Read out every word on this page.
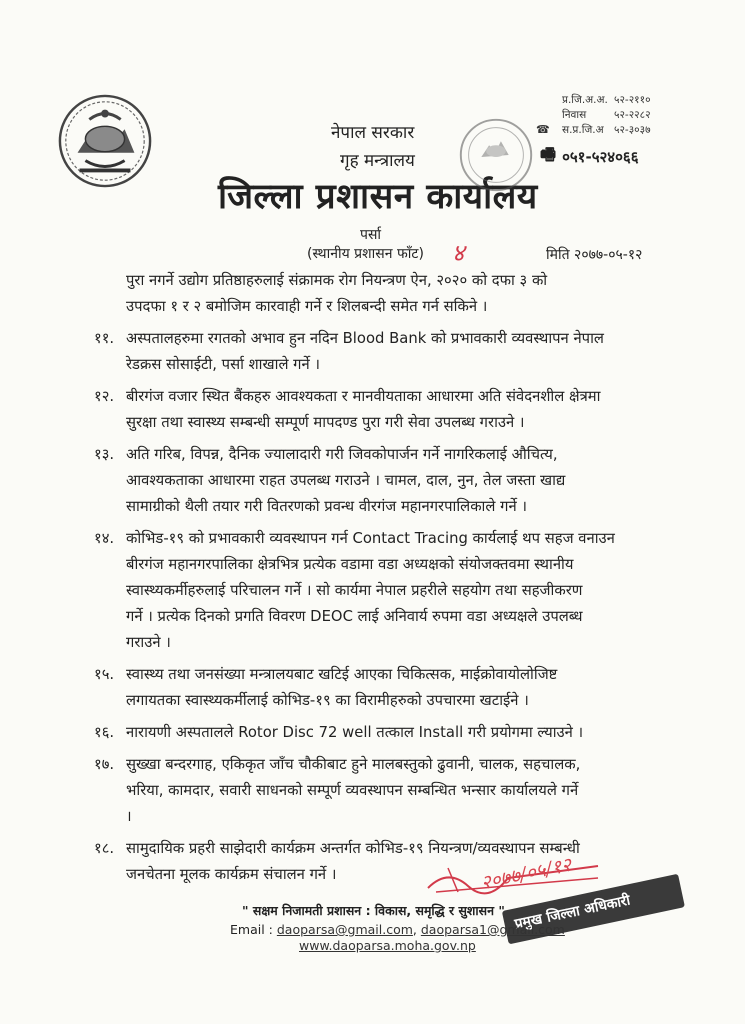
नेपाल सरकार
गृह मन्त्रालय
जिल्ला प्रशासन कार्यालय
प्र.जि.अ.अ. ५२-२११०
निवास	५२-२२८२
☎	स.प्र.जि.अ ५२-३०३७
🖷 ०५१-५२४०६६
पर्सा
(स्थानीय प्रशासन फाँट) ४	मिति २०७७-०५-१२
पुरा नगर्ने उद्योग प्रतिष्ठाहरुलाई संक्रामक रोग नियन्त्रण ऐन, २०२० को दफा ३ को
उपदफा १ र २ बमोजिम कारवाही गर्ने र शिलबन्दी समेत गर्न सकिने ।
११. अस्पतालहरुमा रगतको अभाव हुन नदिन Blood Bank को प्रभावकारी व्यवस्थापन नेपाल
रेडक्रस सोसाईटी, पर्सा शाखाले गर्ने ।
१२. बीरगंज वजार स्थित बैंकहरु आवश्यकता र मानवीयताका आधारमा अति संवेदनशील क्षेत्रमा
सुरक्षा तथा स्वास्थ्य सम्बन्धी सम्पूर्ण मापदण्ड पुरा गरी सेवा उपलब्ध गराउने ।
१३. अति गरिब, विपन्न, दैनिक ज्यालादारी गरी जिवकोपार्जन गर्ने नागरिकलाई औचित्य,
आवश्यकताका आधारमा राहत उपलब्ध गराउने । चामल, दाल, नुन, तेल जस्ता खाद्य
सामाग्रीको थैली तयार गरी वितरणको प्रवन्ध वीरगंज महानगरपालिकाले गर्ने ।
१४. कोभिड-१९ को प्रभावकारी व्यवस्थापन गर्न Contact Tracing कार्यलाई थप सहज वनाउन
बीरगंज महानगरपालिका क्षेत्रभित्र प्रत्येक वडामा वडा अध्यक्षको संयोजक्तवमा स्थानीय
स्वास्थ्यकर्मीहरुलाई परिचालन गर्ने । सो कार्यमा नेपाल प्रहरीले सहयोग तथा सहजीकरण
गर्ने । प्रत्येक दिनको प्रगति विवरण DEOC लाई अनिवार्य रुपमा वडा अध्यक्षले उपलब्ध
गराउने ।
१५. स्वास्थ्य तथा जनसंख्या मन्त्रालयबाट खटिई आएका चिकित्सक, माईक्रोवायोलोजिष्ट
लगायतका स्वास्थ्यकर्मीलाई कोभिड-१९ का विरामीहरुको उपचारमा खटाईने ।
१६. नारायणी अस्पतालले Rotor Disc 72 well तत्काल Install गरी प्रयोगमा ल्याउने ।
१७. सुख्खा बन्दरगाह, एकिकृत जाँच चौकीबाट हुने मालबस्तुको ढुवानी, चालक, सहचालक,
भरिया, कामदार, सवारी साधनको सम्पूर्ण व्यवस्थापन सम्बन्धित भन्सार कार्यालयले गर्ने
।
१८. सामुदायिक प्रहरी साझेदारी कार्यक्रम अन्तर्गत कोभिड-१९ नियन्त्रण/व्यवस्थापन सम्बन्धी
जनचेतना मूलक कार्यक्रम संचालन गर्ने ।	२०७७/०५/१२
प्रमुख जिल्ला अधिकारी
" सक्षम निजामती प्रशासन : विकास, समृद्धि र सुशासन "
Email : daoparsa@gmail.com, daoparsa1@gmail.com
www.daoparsa.moha.gov.np
